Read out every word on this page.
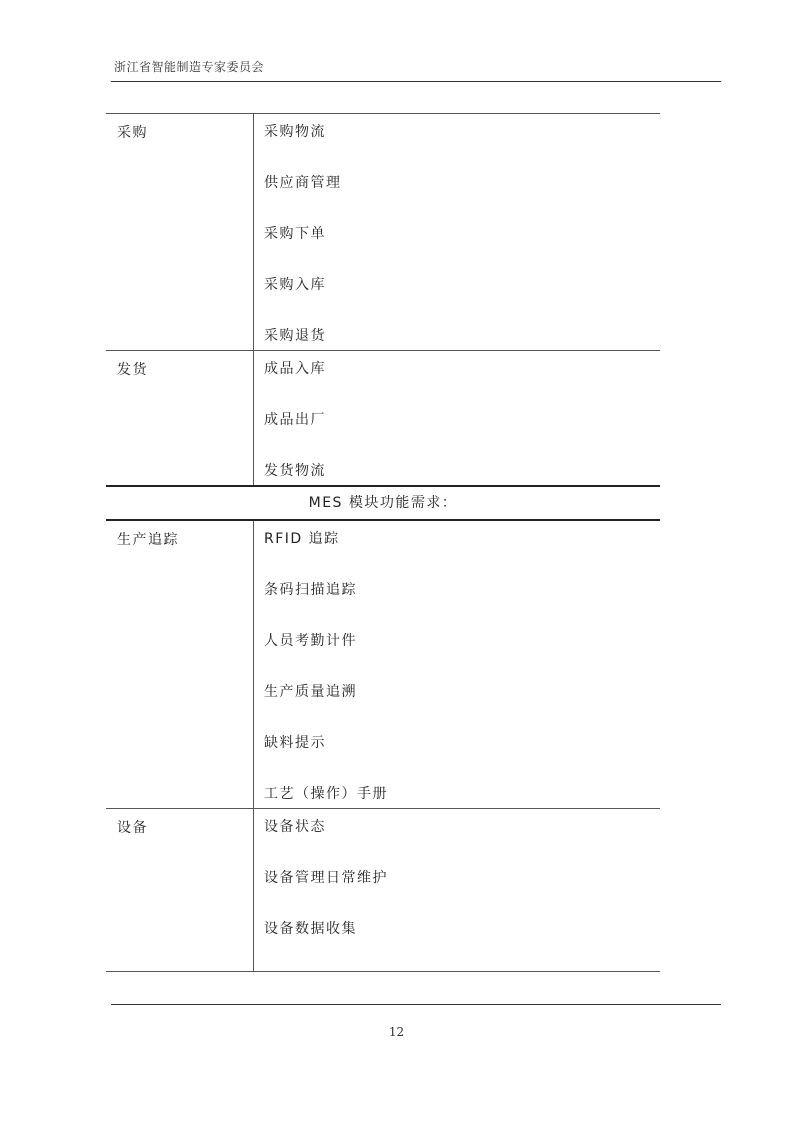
浙江省智能制造专家委员会
采购	采购物流
供应商管理
采购下单
采购入库
采购退货
发货	成品入库
成品出厂
发货物流
MES 模块功能需求：
生产追踪	RFID 追踪
条码扫描追踪
人员考勤计件
生产质量追溯
缺料提示
工艺（操作）手册
设备	设备状态
设备管理日常维护
设备数据收集
12
